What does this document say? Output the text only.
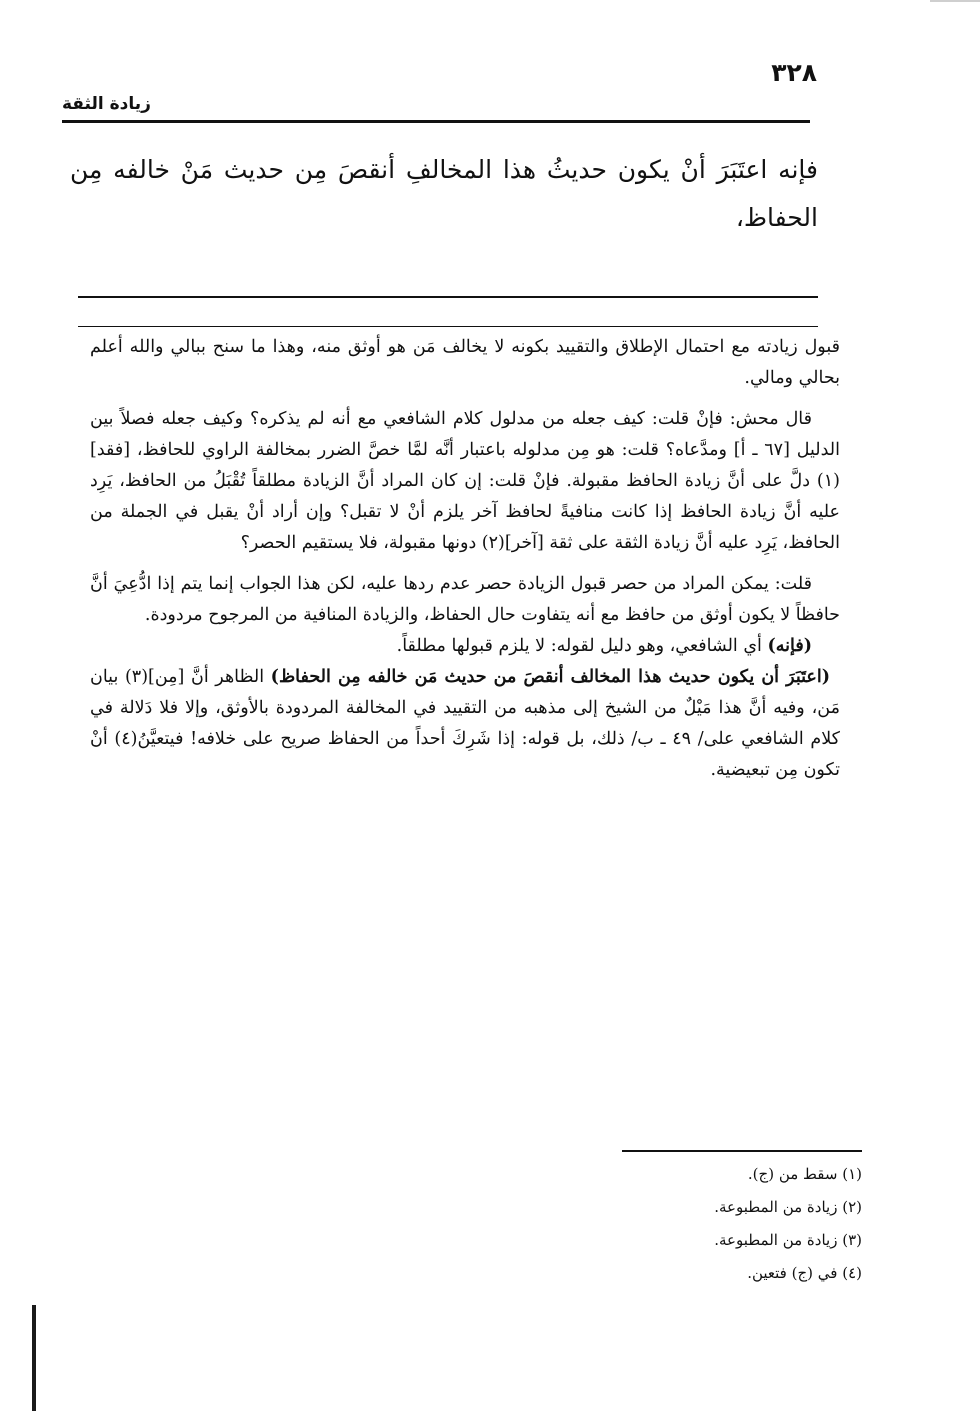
٣٢٨
زيادة الثقة

فإنه اعتَبَرَ أنْ يكون حديثُ هذا المخالفِ أنقصَ مِن حديث مَنْ خالفه مِن الحفاظ،

قبول زيادته مع احتمال الإطلاق والتقييد بكونه لا يخالف مَن هو أوثق منه، وهذا ما سنح ببالي والله أعلم بحالي ومالي.

قال محش: فإنْ قلت: كيف جعله من مدلول كلام الشافعي مع أنه لم يذكره؟ وكيف جعله فصلاً بين الدليل [٦٧ ـ أ] ومدَّعاه؟ قلت: هو مِن مدلوله باعتبار أنَّه لمَّا خصَّ الضرر بمخالفة الراوي للحافظ، [فقد](١) دلَّ على أنَّ زيادة الحافظ مقبولة. فإنْ قلت: إن كان المراد أنَّ الزيادة مطلقاً تُقْبَلُ من الحافظ، يَرِد عليه أنَّ زيادة الحافظ إذا كانت منافيةً لحافظ آخر يلزم أنْ لا تقبل؟ وإن أراد أنْ يقبل في الجملة من الحافظ، يَرِد عليه أنَّ زيادة الثقة على ثقة [آخر](٢) دونها مقبولة، فلا يستقيم الحصر؟

قلت: يمكن المراد من حصر قبول الزيادة حصر عدم ردها عليه، لكن هذا الجواب إنما يتم إذا ادُّعِيَ أنَّ حافظاً لا يكون أوثق من حافظ مع أنه يتفاوت حال الحفاظ، والزيادة المنافية من المرجوح مردودة.

(فإنه) أي الشافعي، وهو دليل لقوله: لا يلزم قبولها مطلقاً.

(اعتَبَرَ أن يكون حديث هذا المخالف أنقصَ من حديث مَن خالفه مِن الحفاظ) الظاهر أنَّ [مِن](٣) بيان مَن، وفيه أنَّ هذا مَيْلٌ من الشيخ إلى مذهبه من التقييد في المخالفة المردودة بالأوثق، وإلا فلا دَلالة في كلام الشافعي على/ ٤٩ ـ ب/ ذلك، بل قوله: إذا شَرِكَ أحداً من الحفاظ صريح على خلافه! فيتعيَّنُ(٤) أنْ تكون مِن تبعيضية.

(١) سقط من (ج).
(٢) زيادة من المطبوعة.
(٣) زيادة من المطبوعة.
(٤) في (ج) فتعين.
